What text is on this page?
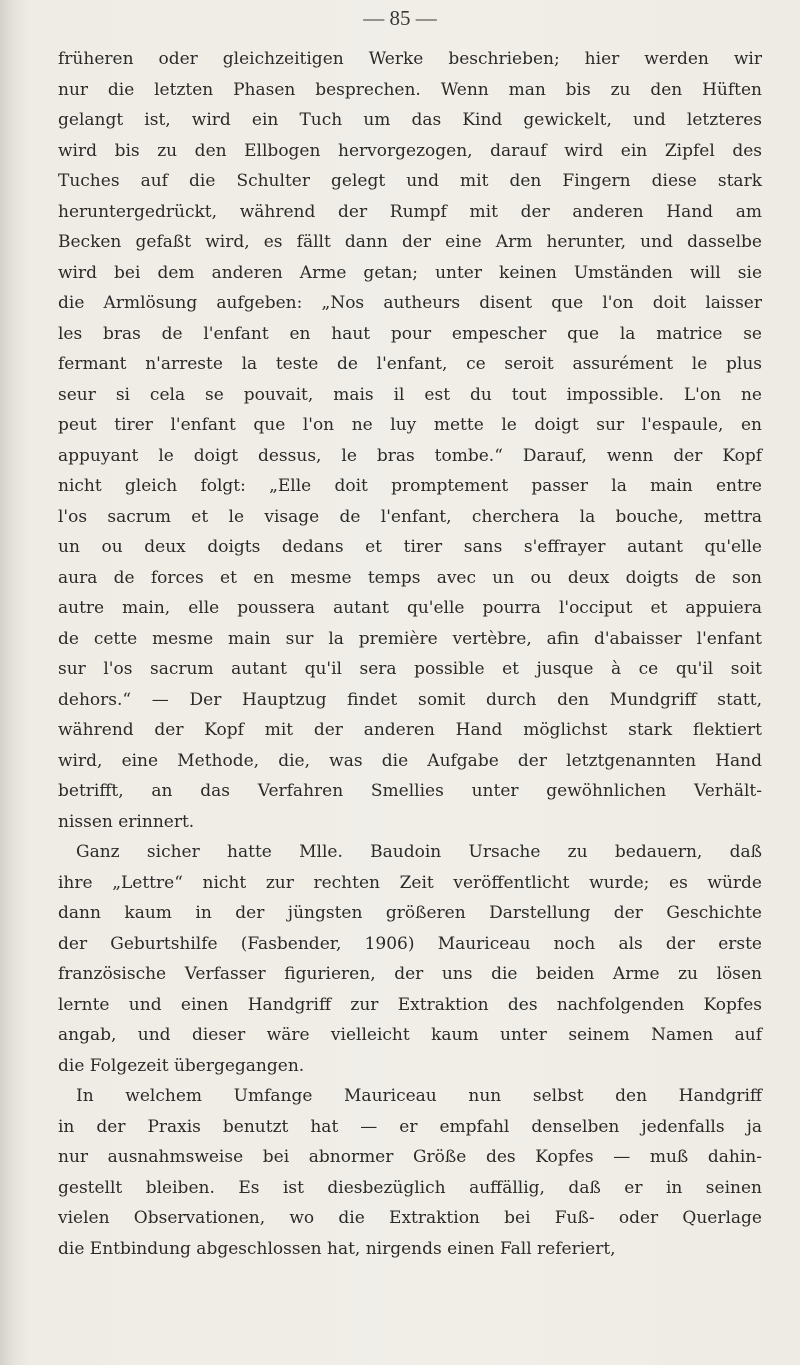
— 85 —
früheren oder gleichzeitigen Werke beschrieben; hier werden wir
nur die letzten Phasen besprechen. Wenn man bis zu den Hüften
gelangt ist, wird ein Tuch um das Kind gewickelt, und letzteres
wird bis zu den Ellbogen hervorgezogen, darauf wird ein Zipfel des
Tuches auf die Schulter gelegt und mit den Fingern diese stark
heruntergedrückt, während der Rumpf mit der anderen Hand am
Becken gefaßt wird, es fällt dann der eine Arm herunter, und dasselbe
wird bei dem anderen Arme getan; unter keinen Umständen will sie
die Armlösung aufgeben: „Nos autheurs disent que l'on doit laisser
les bras de l'enfant en haut pour empescher que la matrice se
fermant n'arreste la teste de l'enfant, ce seroit assurément le plus
seur si cela se pouvait, mais il est du tout impossible. L'on ne
peut tirer l'enfant que l'on ne luy mette le doigt sur l'espaule, en
appuyant le doigt dessus, le bras tombe.“ Darauf, wenn der Kopf
nicht gleich folgt: „Elle doit promptement passer la main entre
l'os sacrum et le visage de l'enfant, cherchera la bouche, mettra
un ou deux doigts dedans et tirer sans s'effrayer autant qu'elle
aura de forces et en mesme temps avec un ou deux doigts de son
autre main, elle poussera autant qu'elle pourra l'occiput et appuiera
de cette mesme main sur la première vertèbre, afin d'abaisser l'enfant
sur l'os sacrum autant qu'il sera possible et jusque à ce qu'il soit
dehors.“ — Der Hauptzug findet somit durch den Mundgriff statt,
während der Kopf mit der anderen Hand möglichst stark flektiert
wird, eine Methode, die, was die Aufgabe der letztgenannten Hand
betrifft, an das Verfahren Smellies unter gewöhnlichen Verhält-
nissen erinnert.
Ganz sicher hatte Mlle. Baudoin Ursache zu bedauern, daß
ihre „Lettre“ nicht zur rechten Zeit veröffentlicht wurde; es würde
dann kaum in der jüngsten größeren Darstellung der Geschichte
der Geburtshilfe (Fasbender, 1906) Mauriceau noch als der erste
französische Verfasser figurieren, der uns die beiden Arme zu lösen
lernte und einen Handgriff zur Extraktion des nachfolgenden Kopfes
angab, und dieser wäre vielleicht kaum unter seinem Namen auf
die Folgezeit übergegangen.
In welchem Umfange Mauriceau nun selbst den Handgriff
in der Praxis benutzt hat — er empfahl denselben jedenfalls ja
nur ausnahmsweise bei abnormer Größe des Kopfes — muß dahin-
gestellt bleiben. Es ist diesbezüglich auffällig, daß er in seinen
vielen Observationen, wo die Extraktion bei Fuß- oder Querlage
die Entbindung abgeschlossen hat, nirgends einen Fall referiert,
